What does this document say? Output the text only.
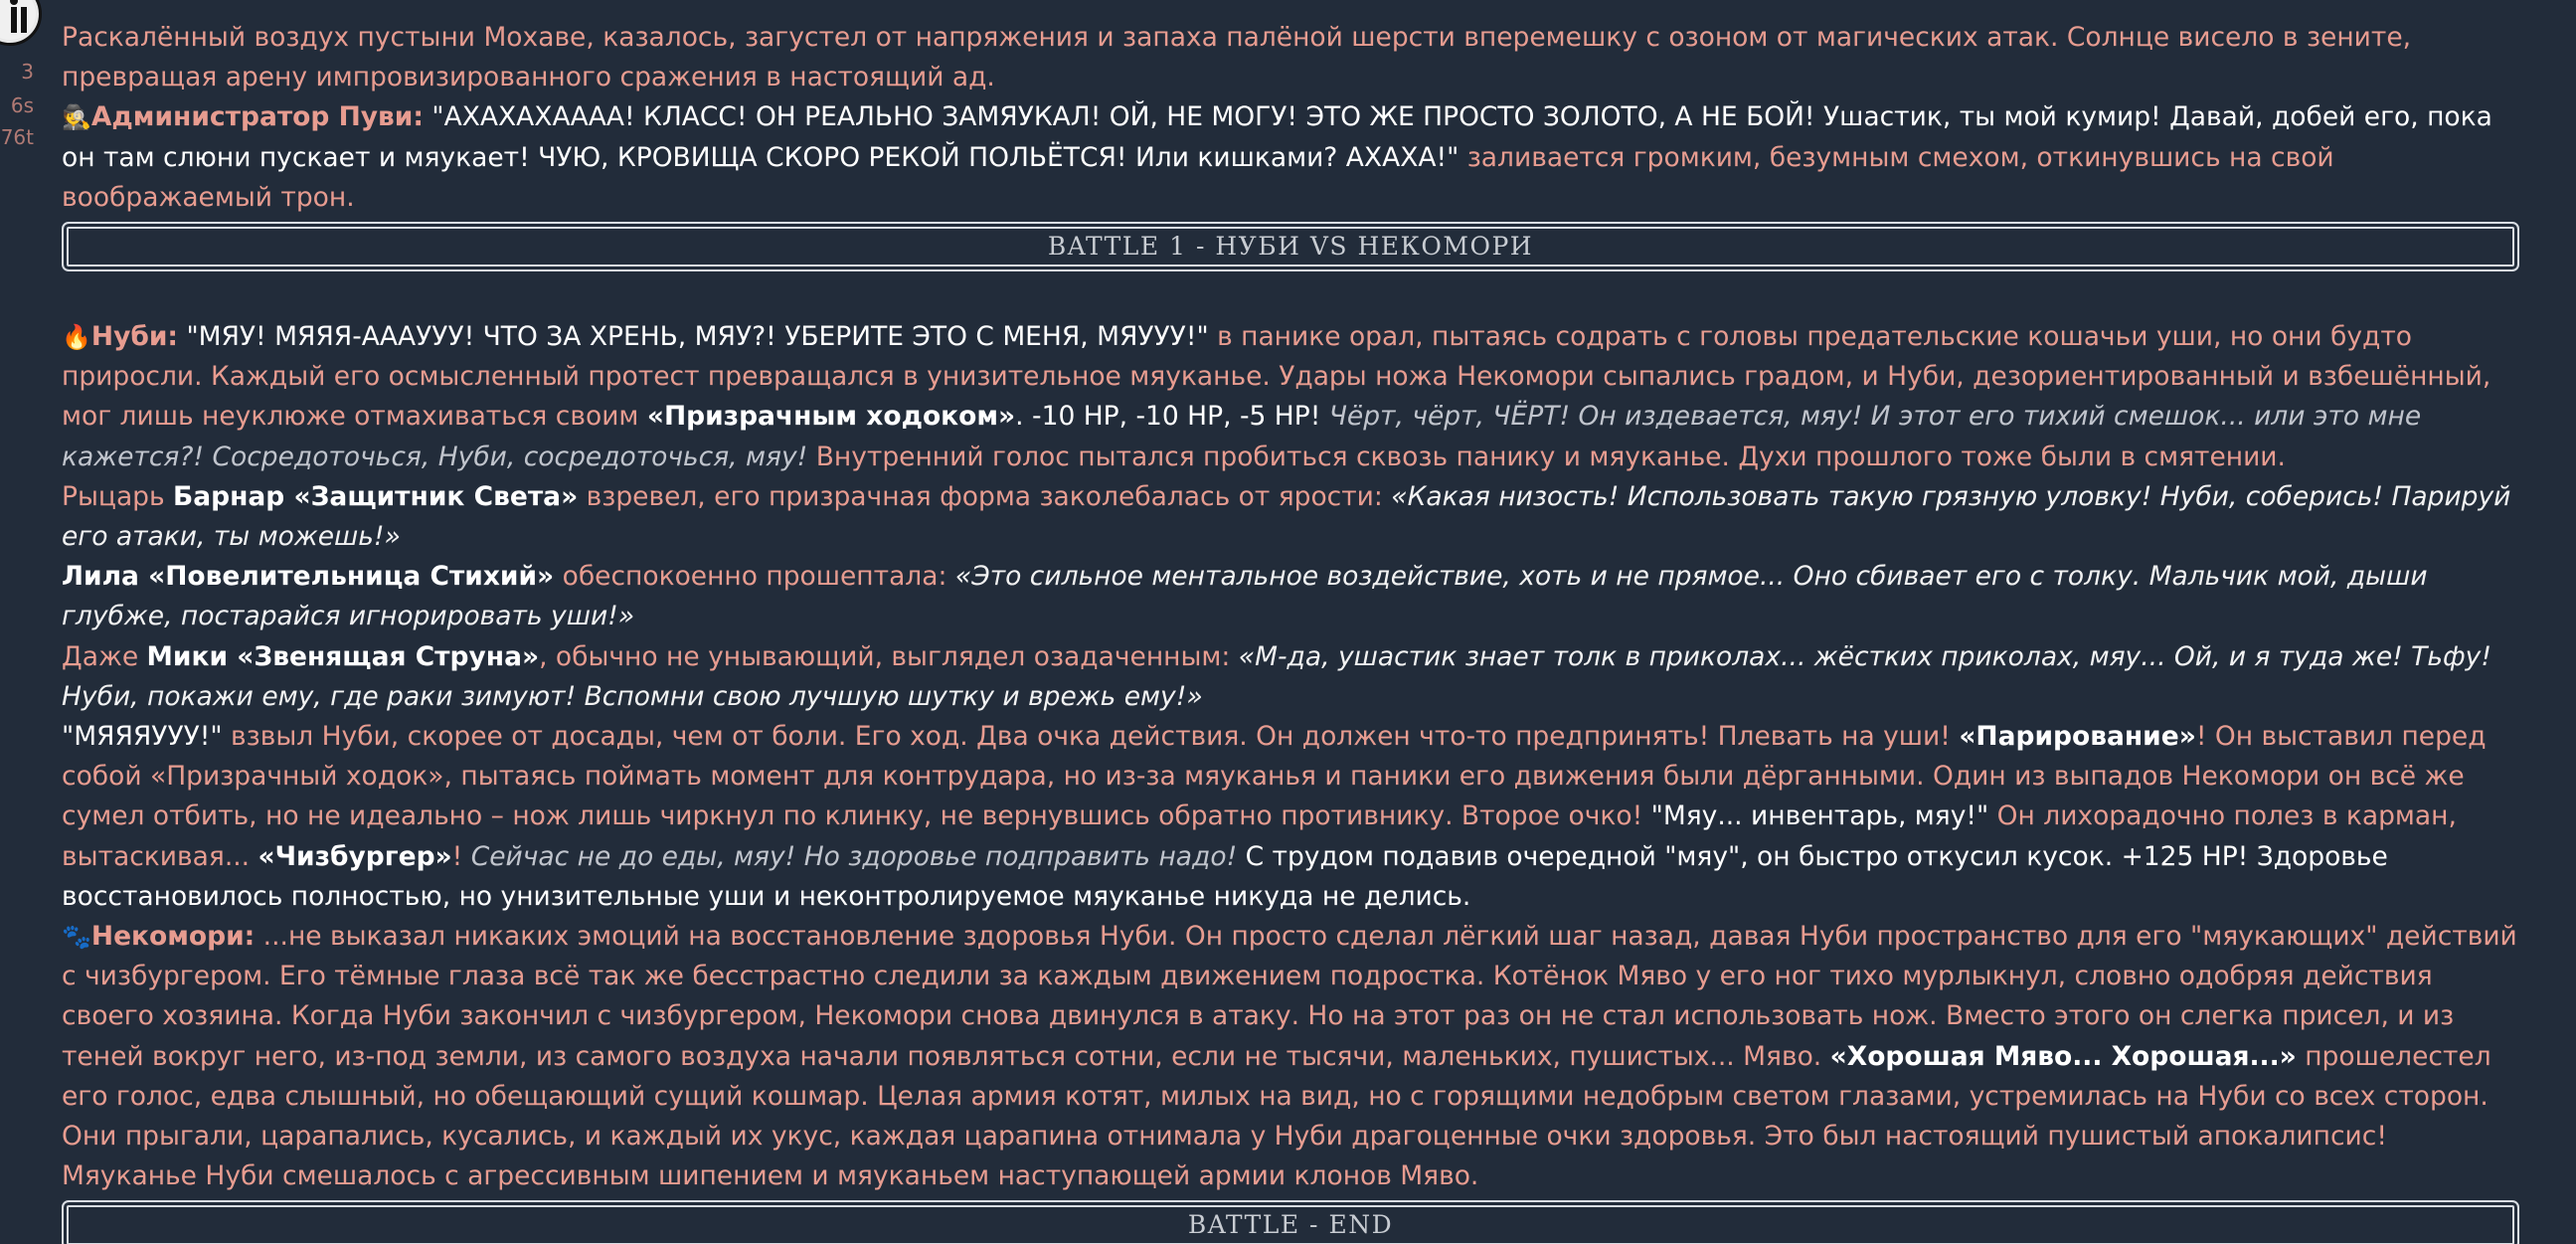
3
6s
76t

Раскалённый воздух пустыни Мохаве, казалось, загустел от напряжения и запаха палёной шерсти вперемешку с озоном от магических атак. Солнце висело в зените, превращая арену импровизированного сражения в настоящий ад.

🕵️Администратор Пуви: "АХАХАХАААА! КЛАСС! ОН РЕАЛЬНО ЗАМЯУКАЛ! ОЙ, НЕ МОГУ! ЭТО ЖЕ ПРОСТО ЗОЛОТО, А НЕ БОЙ! Ушастик, ты мой кумир! Давай, добей его, пока он там слюни пускает и мяукает! ЧУЮ, КРОВИЩА СКОРО РЕКОЙ ПОЛЬЁТСЯ! Или кишками? АХАХА!" заливается громким, безумным смехом, откинувшись на свой воображаемый трон.

BATTLE 1 - НУБИ VS НЕКОМОРИ

🔥Нуби: "МЯУ! МЯЯЯ-АААУУУ! ЧТО ЗА ХРЕНЬ, МЯУ?! УБЕРИТЕ ЭТО С МЕНЯ, МЯУУУ!" в панике орал, пытаясь содрать с головы предательские кошачьи уши, но они будто приросли. Каждый его осмысленный протест превращался в унизительное мяуканье. Удары ножа Некомори сыпались градом, и Нуби, дезориентированный и взбешённый, мог лишь неуклюже отмахиваться своим «Призрачным ходоком». -10 HP, -10 HP, -5 HP! Чёрт, чёрт, ЧЁРТ! Он издевается, мяу! И этот его тихий смешок... или это мне кажется?! Сосредоточься, Нуби, сосредоточься, мяу! Внутренний голос пытался пробиться сквозь панику и мяуканье. Духи прошлого тоже были в смятении.

Рыцарь Барнар «Защитник Света» взревел, его призрачная форма заколебалась от ярости: «Какая низость! Использовать такую грязную уловку! Нуби, соберись! Парируй его атаки, ты можешь!»

Лила «Повелительница Стихий» обеспокоенно прошептала: «Это сильное ментальное воздействие, хоть и не прямое... Оно сбивает его с толку. Мальчик мой, дыши глубже, постарайся игнорировать уши!»

Даже Мики «Звенящая Струна», обычно не унывающий, выглядел озадаченным: «М-да, ушастик знает толк в приколах... жёстких приколах, мяу... Ой, и я туда же! Тьфу! Нуби, покажи ему, где раки зимуют! Вспомни свою лучшую шутку и врежь ему!»

"МЯЯЯУУУ!" взвыл Нуби, скорее от досады, чем от боли. Его ход. Два очка действия. Он должен что-то предпринять! Плевать на уши! «Парирование»! Он выставил перед собой «Призрачный ходок», пытаясь поймать момент для контрудара, но из-за мяуканья и паники его движения были дёрганными. Один из выпадов Некомори он всё же сумел отбить, но не идеально – нож лишь чиркнул по клинку, не вернувшись обратно противнику. Второе очко! "Мяу... инвентарь, мяу!" Он лихорадочно полез в карман, вытаскивая... «Чизбургер»! Сейчас не до еды, мяу! Но здоровье подправить надо! С трудом подавив очередной "мяу", он быстро откусил кусок. +125 HP! Здоровье восстановилось полностью, но унизительные уши и неконтролируемое мяуканье никуда не делись.

🐾Некомори: ...не выказал никаких эмоций на восстановление здоровья Нуби. Он просто сделал лёгкий шаг назад, давая Нуби пространство для его "мяукающих" действий с чизбургером. Его тёмные глаза всё так же бесстрастно следили за каждым движением подростка. Котёнок Мяво у его ног тихо мурлыкнул, словно одобряя действия своего хозяина. Когда Нуби закончил с чизбургером, Некомори снова двинулся в атаку. Но на этот раз он не стал использовать нож. Вместо этого он слегка присел, и из теней вокруг него, из-под земли, из самого воздуха начали появляться сотни, если не тысячи, маленьких, пушистых... Мяво. «Хорошая Мяво... Хорошая...» прошелестел его голос, едва слышный, но обещающий сущий кошмар. Целая армия котят, милых на вид, но с горящими недобрым светом глазами, устремилась на Нуби со всех сторон. Они прыгали, царапались, кусались, и каждый их укус, каждая царапина отнимала у Нуби драгоценные очки здоровья. Это был настоящий пушистый апокалипсис! Мяуканье Нуби смешалось с агрессивным шипением и мяуканьем наступающей армии клонов Мяво.

BATTLE - END
